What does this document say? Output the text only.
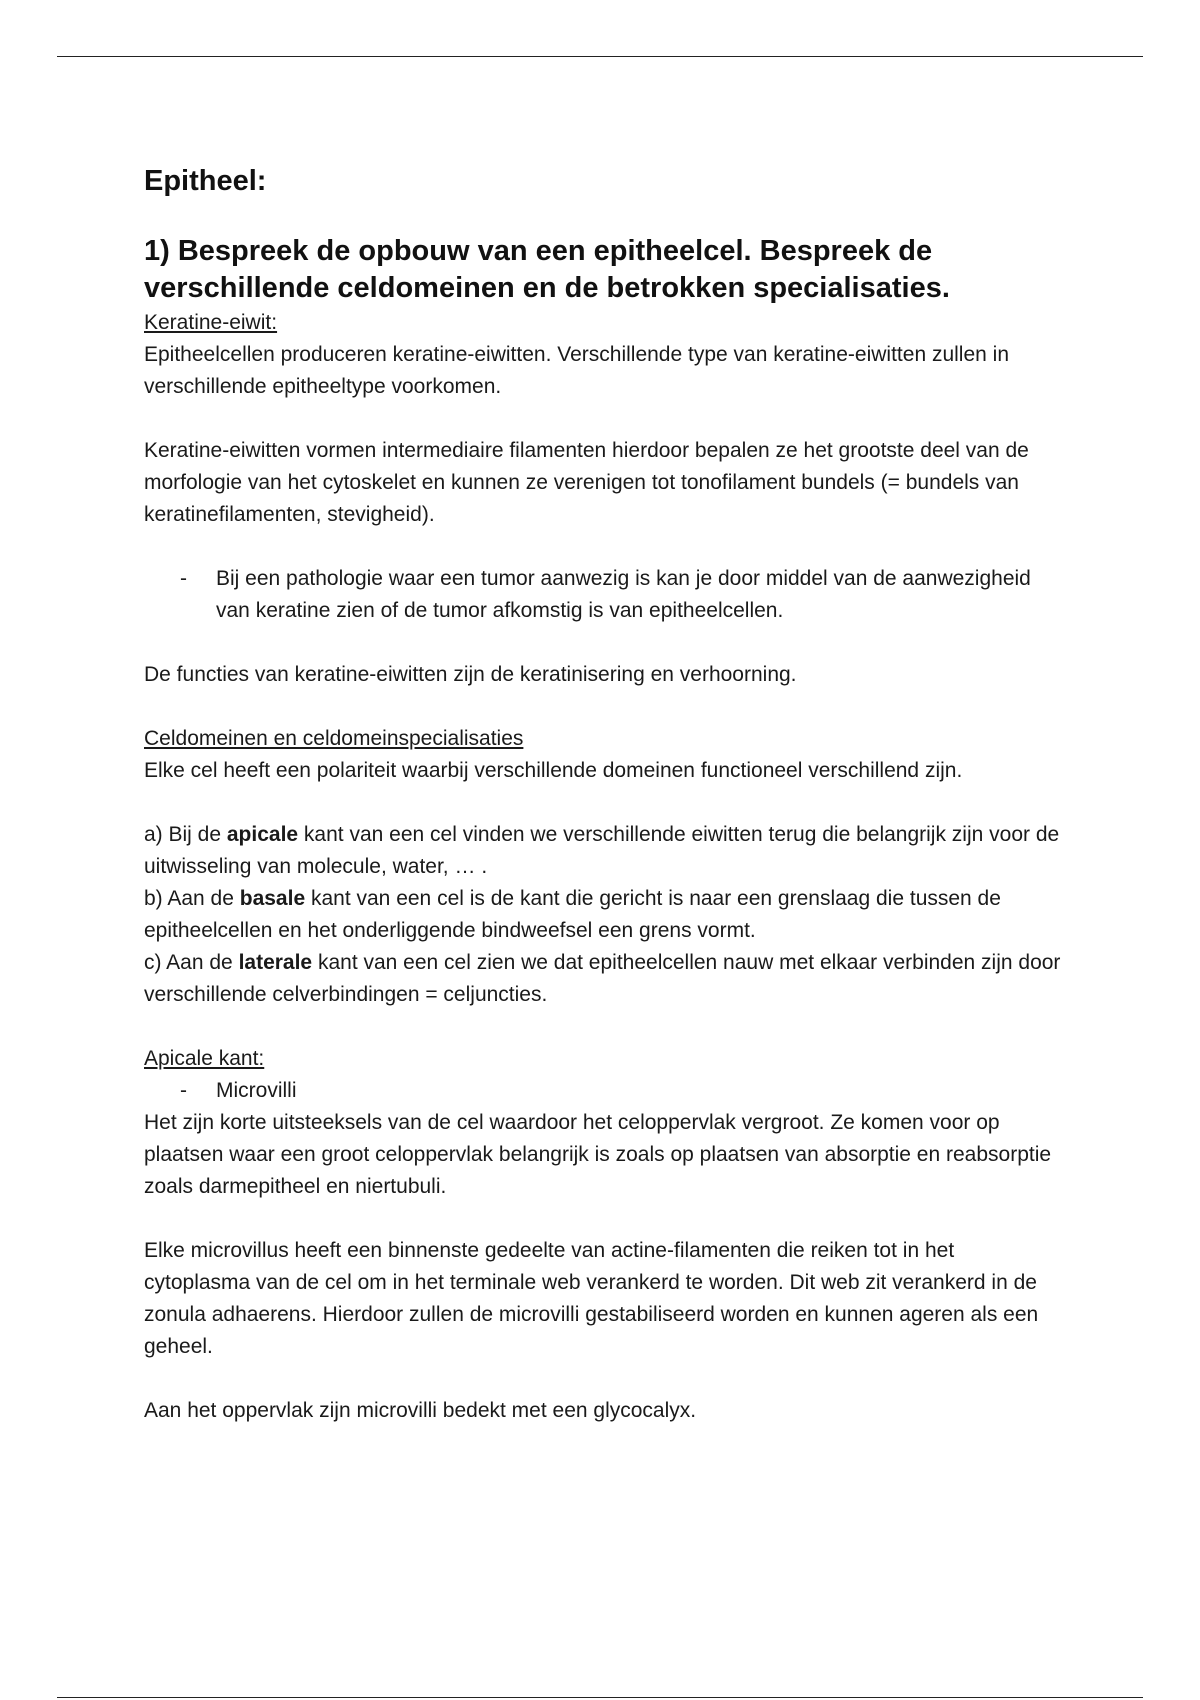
Epitheel:
1) Bespreek de opbouw van een epitheelcel. Bespreek de verschillende celdomeinen en de betrokken specialisaties.

Keratine-eiwit:

Epitheelcellen produceren keratine-eiwitten. Verschillende type van keratine-eiwitten zullen in verschillende epitheeltype voorkomen.

Keratine-eiwitten vormen intermediaire filamenten hierdoor bepalen ze het grootste deel van de morfologie van het cytoskelet en kunnen ze verenigen tot tonofilament bundels (= bundels van keratinefilamenten, stevigheid).

- Bij een pathologie waar een tumor aanwezig is kan je door middel van de aanwezigheid van keratine zien of de tumor afkomstig is van epitheelcellen.

De functies van keratine-eiwitten zijn de keratinisering en verhoorning.

Celdomeinen en celdomeinspecialisaties

Elke cel heeft een polariteit waarbij verschillende domeinen functioneel verschillend zijn.

a) Bij de apicale kant van een cel vinden we verschillende eiwitten terug die belangrijk zijn voor de uitwisseling van molecule, water, … .

b) Aan de basale kant van een cel is de kant die gericht is naar een grenslaag die tussen de epitheelcellen en het onderliggende bindweefsel een grens vormt.

c) Aan de laterale kant van een cel zien we dat epitheelcellen nauw met elkaar verbinden zijn door verschillende celverbindingen = celjuncties.

Apicale kant:

- Microvilli

Het zijn korte uitsteeksels van de cel waardoor het celoppervlak vergroot. Ze komen voor op plaatsen waar een groot celoppervlak belangrijk is zoals op plaatsen van absorptie en reabsorptie zoals darmepitheel en niertubuli.

Elke microvillus heeft een binnenste gedeelte van actine-filamenten die reiken tot in het cytoplasma van de cel om in het terminale web verankerd te worden. Dit web zit verankerd in de zonula adhaerens. Hierdoor zullen de microvilli gestabiliseerd worden en kunnen ageren als een geheel.

Aan het oppervlak zijn microvilli bedekt met een glycocalyx.
